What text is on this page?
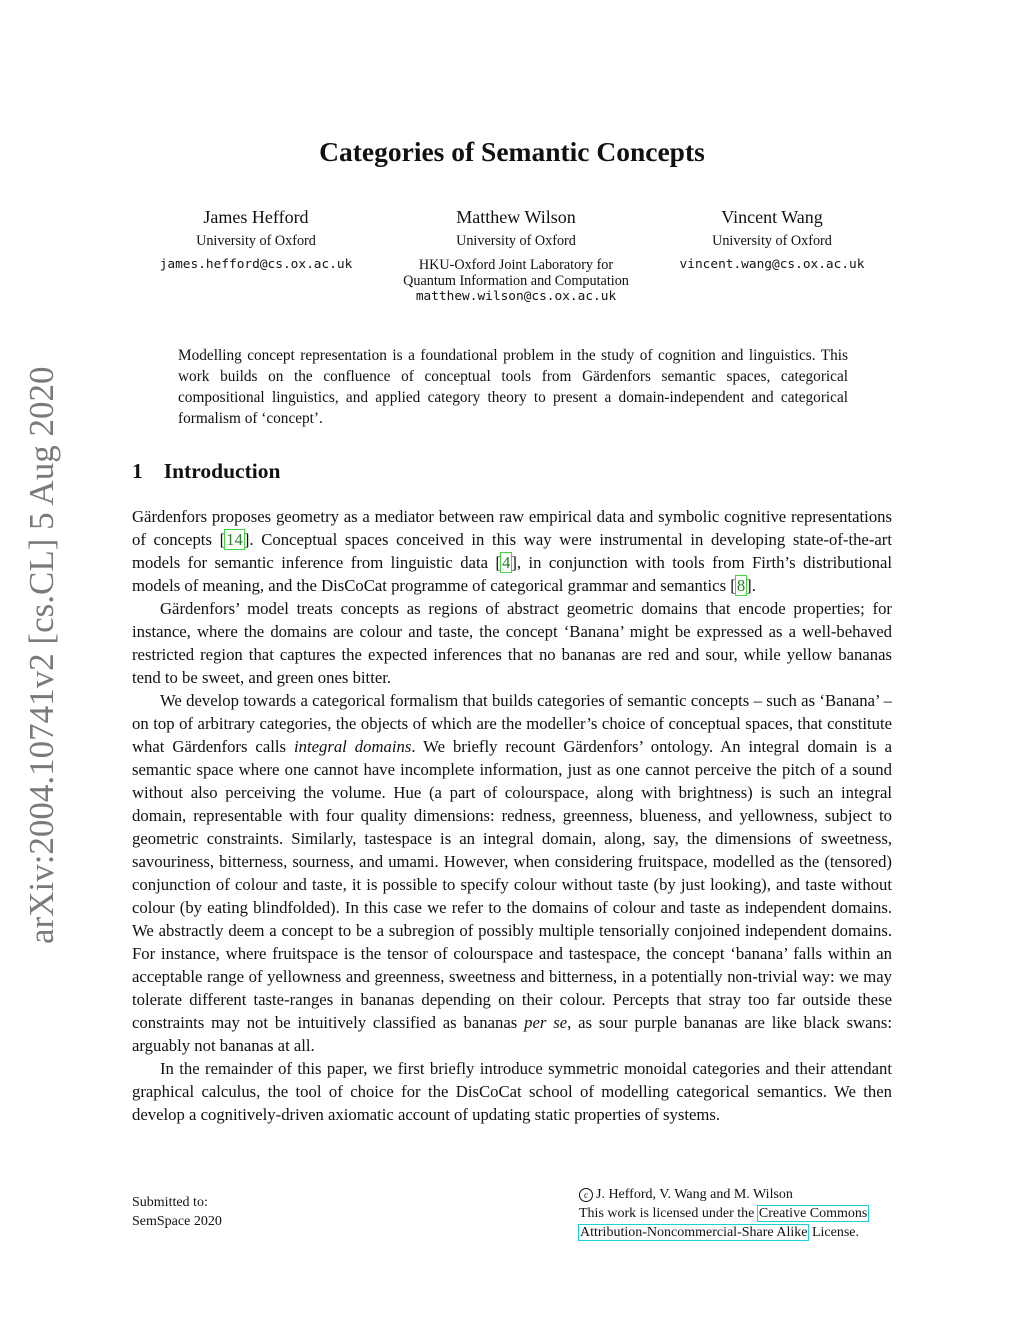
arXiv:2004.10741v2 [cs.CL] 5 Aug 2020
Categories of Semantic Concepts
James Hefford
University of Oxford
james.hefford@cs.ox.ac.uk
Matthew Wilson
University of Oxford
HKU-Oxford Joint Laboratory for Quantum Information and Computation
matthew.wilson@cs.ox.ac.uk
Vincent Wang
University of Oxford
vincent.wang@cs.ox.ac.uk
Modelling concept representation is a foundational problem in the study of cognition and linguistics. This work builds on the confluence of conceptual tools from Gärdenfors semantic spaces, categorical compositional linguistics, and applied category theory to present a domain-independent and categorical formalism of ‘concept’.
1 Introduction

Gärdenfors proposes geometry as a mediator between raw empirical data and symbolic cognitive representations of concepts [14]. Conceptual spaces conceived in this way were instrumental in developing state-of-the-art models for semantic inference from linguistic data [4], in conjunction with tools from Firth’s distributional models of meaning, and the DisCoCat programme of categorical grammar and semantics [8].

Gärdenfors’ model treats concepts as regions of abstract geometric domains that encode properties; for instance, where the domains are colour and taste, the concept ‘Banana’ might be expressed as a well-behaved restricted region that captures the expected inferences that no bananas are red and sour, while yellow bananas tend to be sweet, and green ones bitter.

We develop towards a categorical formalism that builds categories of semantic concepts – such as ‘Banana’ – on top of arbitrary categories, the objects of which are the modeller’s choice of conceptual spaces, that constitute what Gärdenfors calls integral domains. We briefly recount Gärdenfors’ ontology. An integral domain is a semantic space where one cannot have incomplete information, just as one cannot perceive the pitch of a sound without also perceiving the volume. Hue (a part of colourspace, along with brightness) is such an integral domain, representable with four quality dimensions: redness, greenness, blueness, and yellowness, subject to geometric constraints. Similarly, tastespace is an integral domain, along, say, the dimensions of sweetness, savouriness, bitterness, sourness, and umami. However, when considering fruitspace, modelled as the (tensored) conjunction of colour and taste, it is possible to specify colour without taste (by just looking), and taste without colour (by eating blindfolded). In this case we refer to the domains of colour and taste as independent domains. We abstractly deem a concept to be a subregion of possibly multiple tensorially conjoined independent domains. For instance, where fruitspace is the tensor of colourspace and tastespace, the concept ‘banana’ falls within an acceptable range of yellowness and greenness, sweetness and bitterness, in a potentially non-trivial way: we may tolerate different taste-ranges in bananas depending on their colour. Percepts that stray too far outside these constraints may not be intuitively classified as bananas per se, as sour purple bananas are like black swans: arguably not bananas at all.

In the remainder of this paper, we first briefly introduce symmetric monoidal categories and their attendant graphical calculus, the tool of choice for the DisCoCat school of modelling categorical semantics. We then develop a cognitively-driven axiomatic account of updating static properties of systems.

Submitted to:
SemSpace 2020
c J. Hefford, V. Wang and M. Wilson
This work is licensed under the Creative Commons
Attribution-Noncommercial-Share Alike License.
